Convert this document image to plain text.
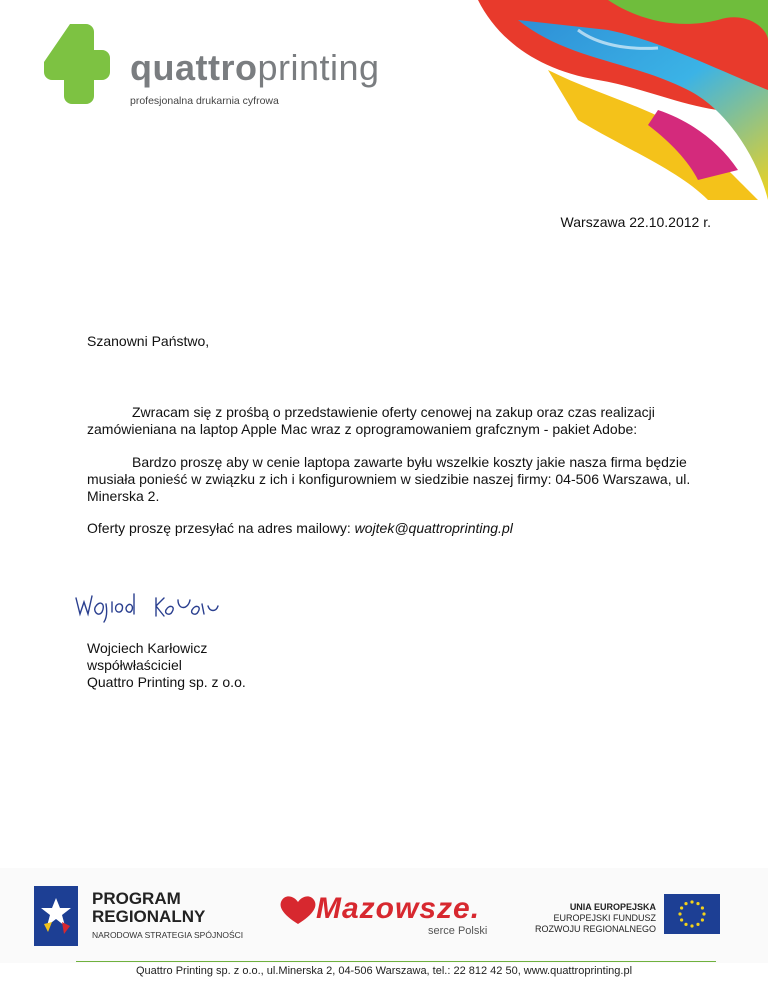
quattroprinting
profesjonalna drukarnia cyfrowa
Warszawa 22.10.2012 r.
Szanowni Państwo,
Zwracam się z prośbą o przedstawienie oferty cenowej na zakup oraz czas realizacji zamówieniana na laptop Apple Mac wraz z oprogramowaniem grafcznym - pakiet Adobe:
Bardzo proszę aby w cenie laptopa zawarte byłu wszelkie koszty jakie nasza firma będzie musiała ponieść w związku z ich i konfigurowniem w siedzibie naszej firmy: 04-506 Warszawa, ul. Minerska 2.
Oferty proszę przesyłać na adres mailowy: wojtek@quattroprinting.pl
Wojciech Karłowicz
współwłaściciel
Quattro Printing sp. z o.o.
PROGRAM
REGIONALNY
NARODOWA STRATEGIA SPÓJNOŚCI
Mazowsze.
serce Polski
UNIA EUROPEJSKA
EUROPEJSKI FUNDUSZ
ROZWOJU REGIONALNEGO
Quattro Printing sp. z o.o., ul.Minerska 2, 04-506 Warszawa, tel.: 22 812 42 50, www.quattroprinting.pl
